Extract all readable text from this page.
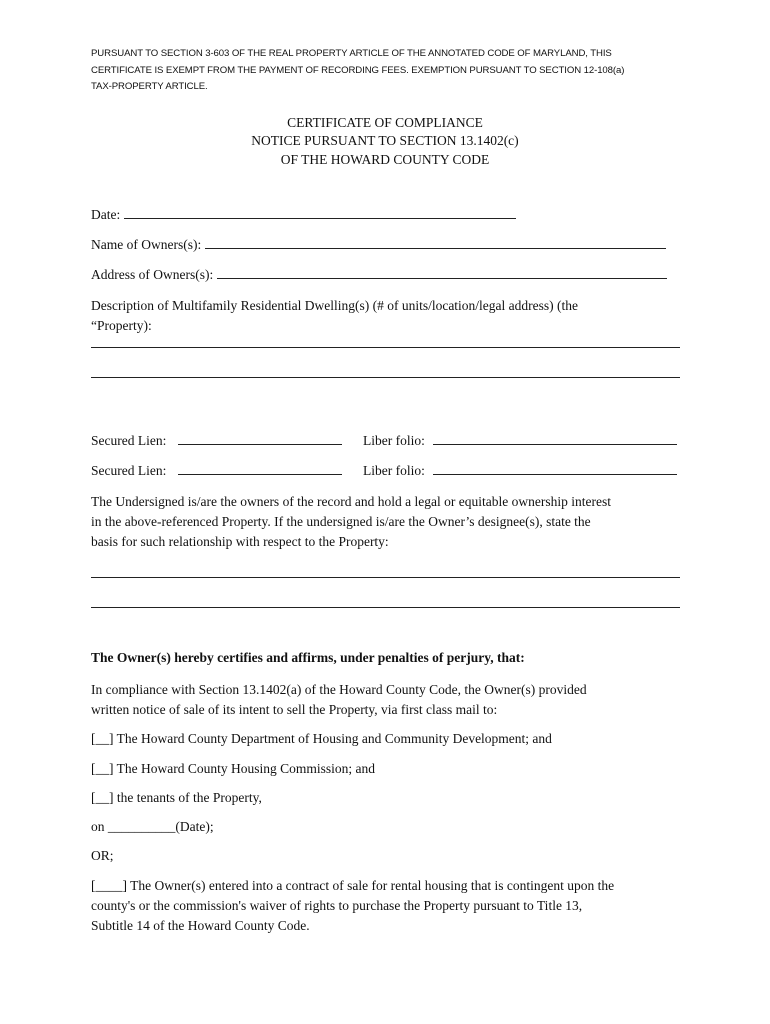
PURSUANT TO SECTION 3-603 OF THE REAL PROPERTY ARTICLE OF THE ANNOTATED CODE OF MARYLAND, THIS
CERTIFICATE IS EXEMPT FROM THE PAYMENT OF RECORDING FEES. EXEMPTION PURSUANT TO SECTION 12-108(a)
TAX-PROPERTY ARTICLE.
CERTIFICATE OF COMPLIANCE
NOTICE PURSUANT TO SECTION 13.1402(c)
OF THE HOWARD COUNTY CODE
Date:
Name of Owners(s):
Address of Owners(s):
Description of Multifamily Residential Dwelling(s) (# of units/location/legal address) (the
“Property):
Secured Lien:	Liber folio:
Secured Lien:	Liber folio:
The Undersigned is/are the owners of the record and hold a legal or equitable ownership interest
in the above-referenced Property. If the undersigned is/are the Owner’s designee(s), state the
basis for such relationship with respect to the Property:
The Owner(s) hereby certifies and affirms, under penalties of perjury, that:
In compliance with Section 13.1402(a) of the Howard County Code, the Owner(s) provided
written notice of sale of its intent to sell the Property, via first class mail to:
[__] The Howard County Department of Housing and Community Development; and
[__] The Howard County Housing Commission; and
[__] the tenants of the Property,
on __________(Date);
OR;
[____] The Owner(s) entered into a contract of sale for rental housing that is contingent upon the
county's or the commission's waiver of rights to purchase the Property pursuant to Title 13,
Subtitle 14 of the Howard County Code.
